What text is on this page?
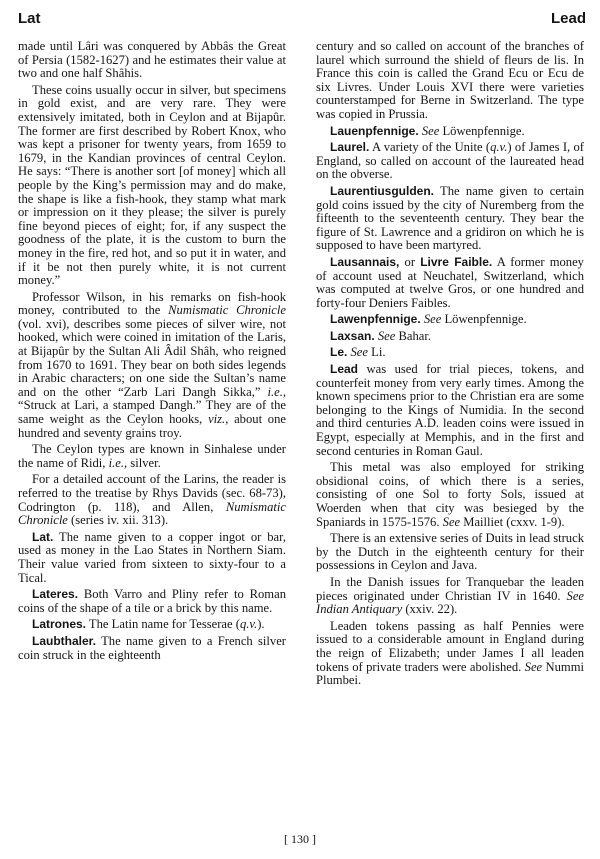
Lat	Lead

made until Lâri was conquered by Abbâs the Great of Persia (1582-1627) and he estimates their value at two and one half Shâhis.

These coins usually occur in silver, but specimens in gold exist, and are very rare. They were extensively imitated, both in Ceylon and at Bijapûr. The former are first described by Robert Knox, who was kept a prisoner for twenty years, from 1659 to 1679, in the Kandian provinces of central Ceylon. He says: “There is another sort [of money] which all people by the King’s permission may and do make, the shape is like a fish-hook, they stamp what mark or impression on it they please; the silver is purely fine beyond pieces of eight; for, if any suspect the goodness of the plate, it is the custom to burn the money in the fire, red hot, and so put it in water, and if it be not then purely white, it is not current money.”

Professor Wilson, in his remarks on fish-hook money, contributed to the Numismatic Chronicle (vol. xvi), describes some pieces of silver wire, not hooked, which were coined in imitation of the Laris, at Bijapûr by the Sultan Ali Âdil Shâh, who reigned from 1670 to 1691. They bear on both sides legends in Arabic characters; on one side the Sultan’s name and on the other “Zarb Lari Dangh Sikka,” i.e., “Struck at Lari, a stamped Dangh.” They are of the same weight as the Ceylon hooks, viz., about one hundred and seventy grains troy.

The Ceylon types are known in Sinhalese under the name of Ridi, i.e., silver.

For a detailed account of the Larins, the reader is referred to the treatise by Rhys Davids (sec. 68-73), Codrington (p. 118), and Allen, Numismatic Chronicle (series iv. xii. 313).

Lat. The name given to a copper ingot or bar, used as money in the Lao States in Northern Siam. Their value varied from sixteen to sixty-four to a Tical.

Lateres. Both Varro and Pliny refer to Roman coins of the shape of a tile or a brick by this name.

Latrones. The Latin name for Tesserae (q.v.).

Laubthaler. The name given to a French silver coin struck in the eighteenth

century and so called on account of the branches of laurel which surround the shield of fleurs de lis. In France this coin is called the Grand Ecu or Ecu de six Livres. Under Louis XVI there were varieties counterstamped for Berne in Switzerland. The type was copied in Prussia.

Lauenpfennige. See Löwenpfennige.

Laurel. A variety of the Unite (q.v.) of James I, of England, so called on account of the laureated head on the obverse.

Laurentiusgulden. The name given to certain gold coins issued by the city of Nuremberg from the fifteenth to the seventeenth century. They bear the figure of St. Lawrence and a gridiron on which he is supposed to have been martyred.

Lausannais, or Livre Faible. A former money of account used at Neuchatel, Switzerland, which was computed at twelve Gros, or one hundred and forty-four Deniers Faibles.

Lawenpfennige. See Löwenpfennige.

Laxsan. See Bahar.

Le. See Li.

Lead was used for trial pieces, tokens, and counterfeit money from very early times. Among the known specimens prior to the Christian era are some belonging to the Kings of Numidia. In the second and third centuries A.D. leaden coins were issued in Egypt, especially at Memphis, and in the first and second centuries in Roman Gaul.

This metal was also employed for striking obsidional coins, of which there is a series, consisting of one Sol to forty Sols, issued at Woerden when that city was besieged by the Spaniards in 1575-1576. See Mailliet (cxxv. 1-9).

There is an extensive series of Duits in lead struck by the Dutch in the eighteenth century for their possessions in Ceylon and Java.

In the Danish issues for Tranquebar the leaden pieces originated under Christian IV in 1640. See Indian Antiquary (xxiv. 22).

Leaden tokens passing as half Pennies were issued to a considerable amount in England during the reign of Elizabeth; under James I all leaden tokens of private traders were abolished. See Nummi Plumbei.

[ 130 ]
